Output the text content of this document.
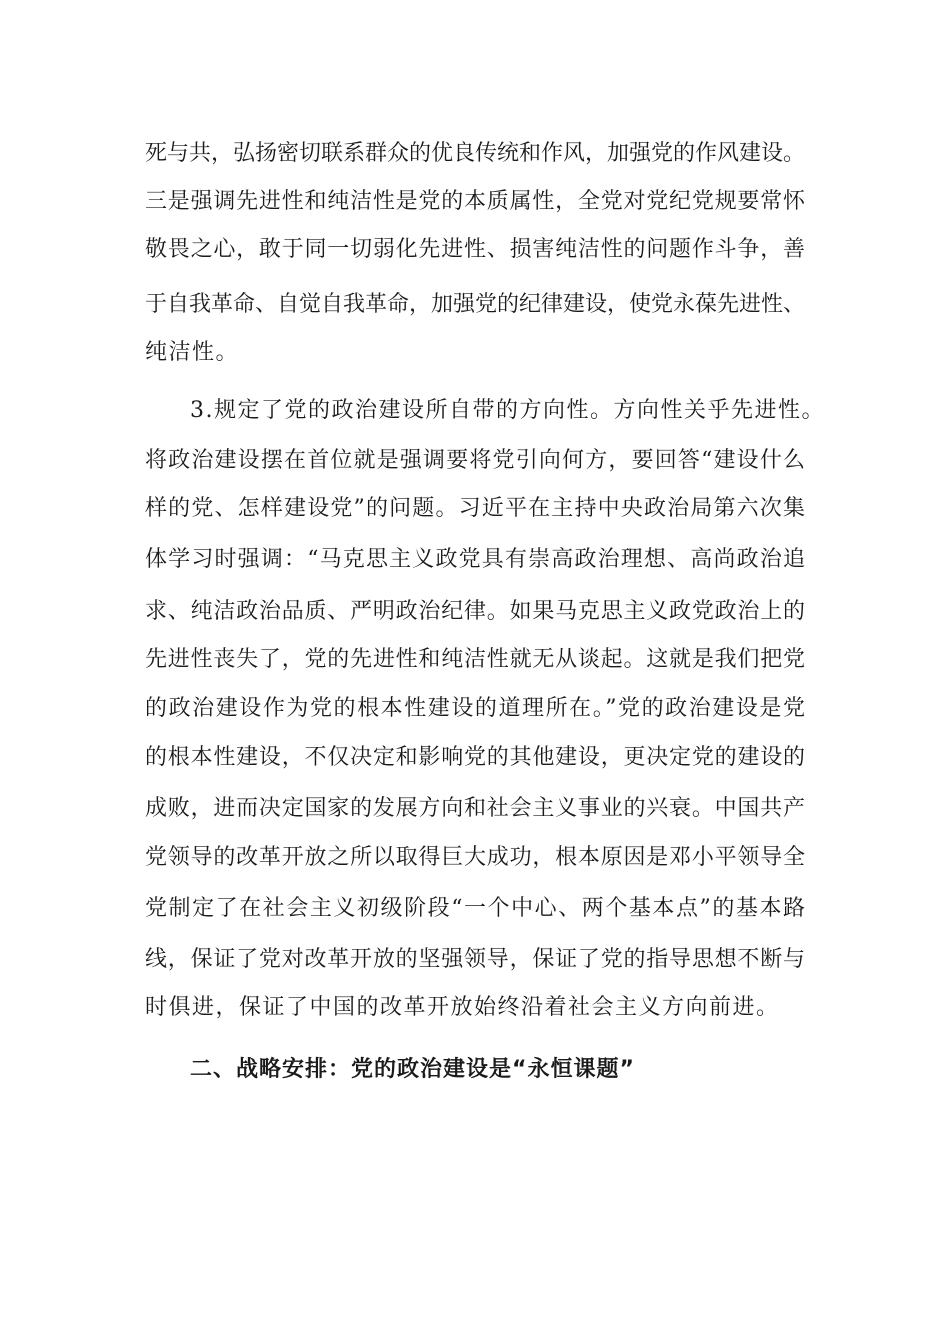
死与共，弘扬密切联系群众的优良传统和作风，加强党的作风建设。
三是强调先进性和纯洁性是党的本质属性，全党对党纪党规要常怀
敬畏之心，敢于同一切弱化先进性、损害纯洁性的问题作斗争，善
于自我革命、自觉自我革命，加强党的纪律建设，使党永葆先进性、
纯洁性。
3.规定了党的政治建设所自带的方向性。方向性关乎先进性。
将政治建设摆在首位就是强调要将党引向何方，要回答“建设什么
样的党、怎样建设党”的问题。习近平在主持中央政治局第六次集
体学习时强调：“马克思主义政党具有崇高政治理想、高尚政治追
求、纯洁政治品质、严明政治纪律。如果马克思主义政党政治上的
先进性丧失了，党的先进性和纯洁性就无从谈起。这就是我们把党
的政治建设作为党的根本性建设的道理所在。”党的政治建设是党
的根本性建设，不仅决定和影响党的其他建设，更决定党的建设的
成败，进而决定国家的发展方向和社会主义事业的兴衰。中国共产
党领导的改革开放之所以取得巨大成功，根本原因是邓小平领导全
党制定了在社会主义初级阶段“一个中心、两个基本点”的基本路
线，保证了党对改革开放的坚强领导，保证了党的指导思想不断与
时俱进，保证了中国的改革开放始终沿着社会主义方向前进。
二、战略安排：党的政治建设是“永恒课题”
